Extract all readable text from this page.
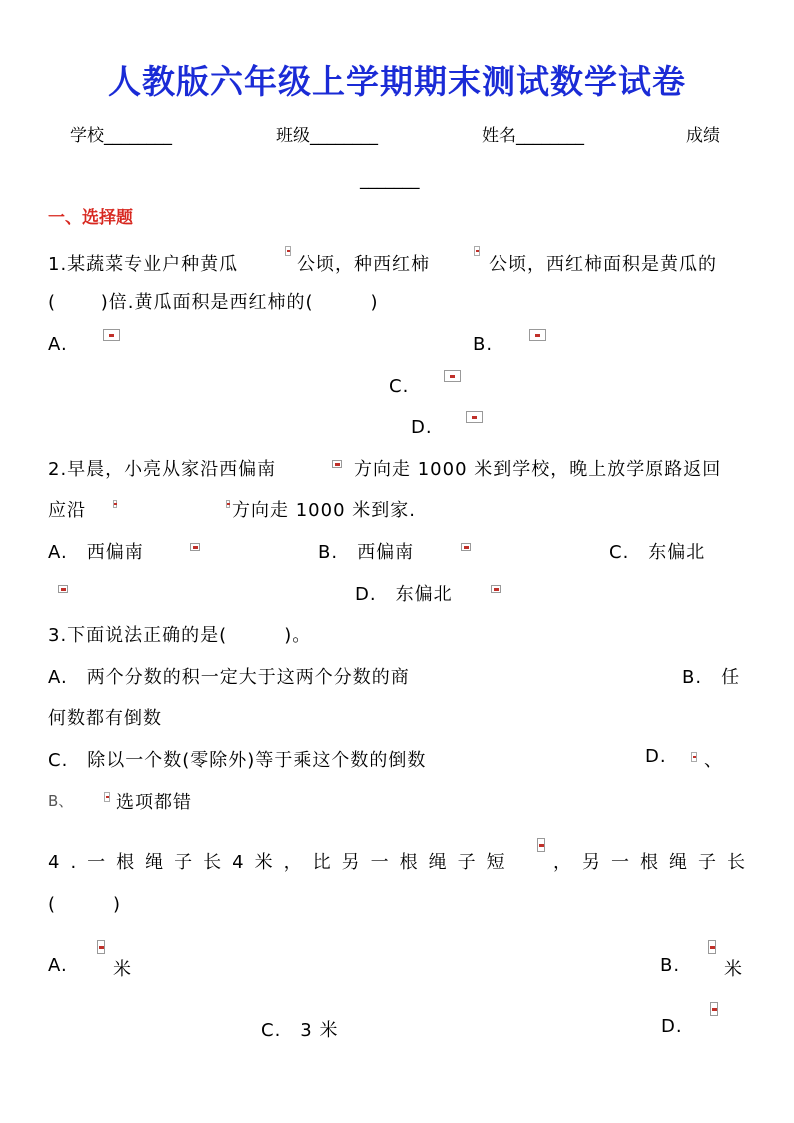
人教版六年级上学期期末测试数学试卷
学校________	班级________	姓名________	成绩
_______
一、选择题
1.某蔬菜专业户种黄瓜	公顷，种西红柿	公顷，西红柿面积是黄瓜的
(　　 )倍.黄瓜面积是西红柿的(　　　)
A.	B.
C.
D.
2.早晨，小亮从家沿西偏南	方向走 1000 米到学校，晚上放学原路返回
应沿	方向走 1000 米到家.
A.　西偏南	B.　西偏南	C.　东偏北
D.　东偏北
3.下面说法正确的是(　　　)。
A.　两个分数的积一定大于这两个分数的商	B.　任
何数都有倒数
C.　除以一个数(零除外)等于乘这个数的倒数	D. 、
B、 选项都错
4.一根绳子长4米，比另一根绳子短 ，另一根绳子长
(　　　)
A.	米	B. 米
C.　3 米	D.
